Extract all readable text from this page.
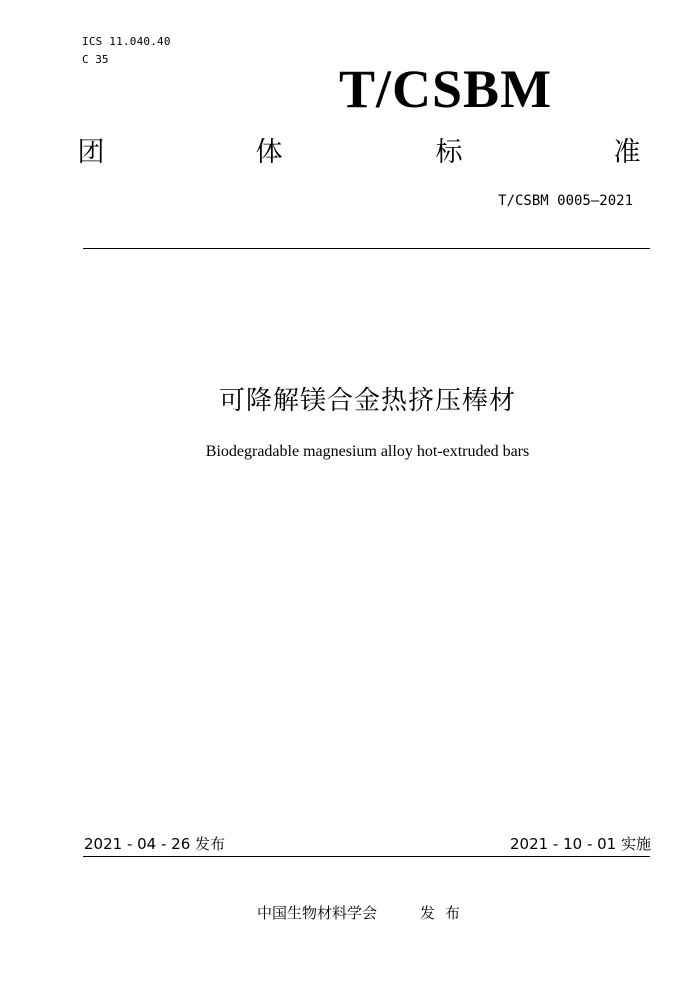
ICS 11.040.40
C 35	T/CSBM
团	体	标	准
T/CSBM 0005—2021
可降解镁合金热挤压棒材
Biodegradable magnesium alloy hot-extruded bars
2021 - 04 - 26 发布	2021 - 10 - 01 实施
中国生物材料学会	发布
